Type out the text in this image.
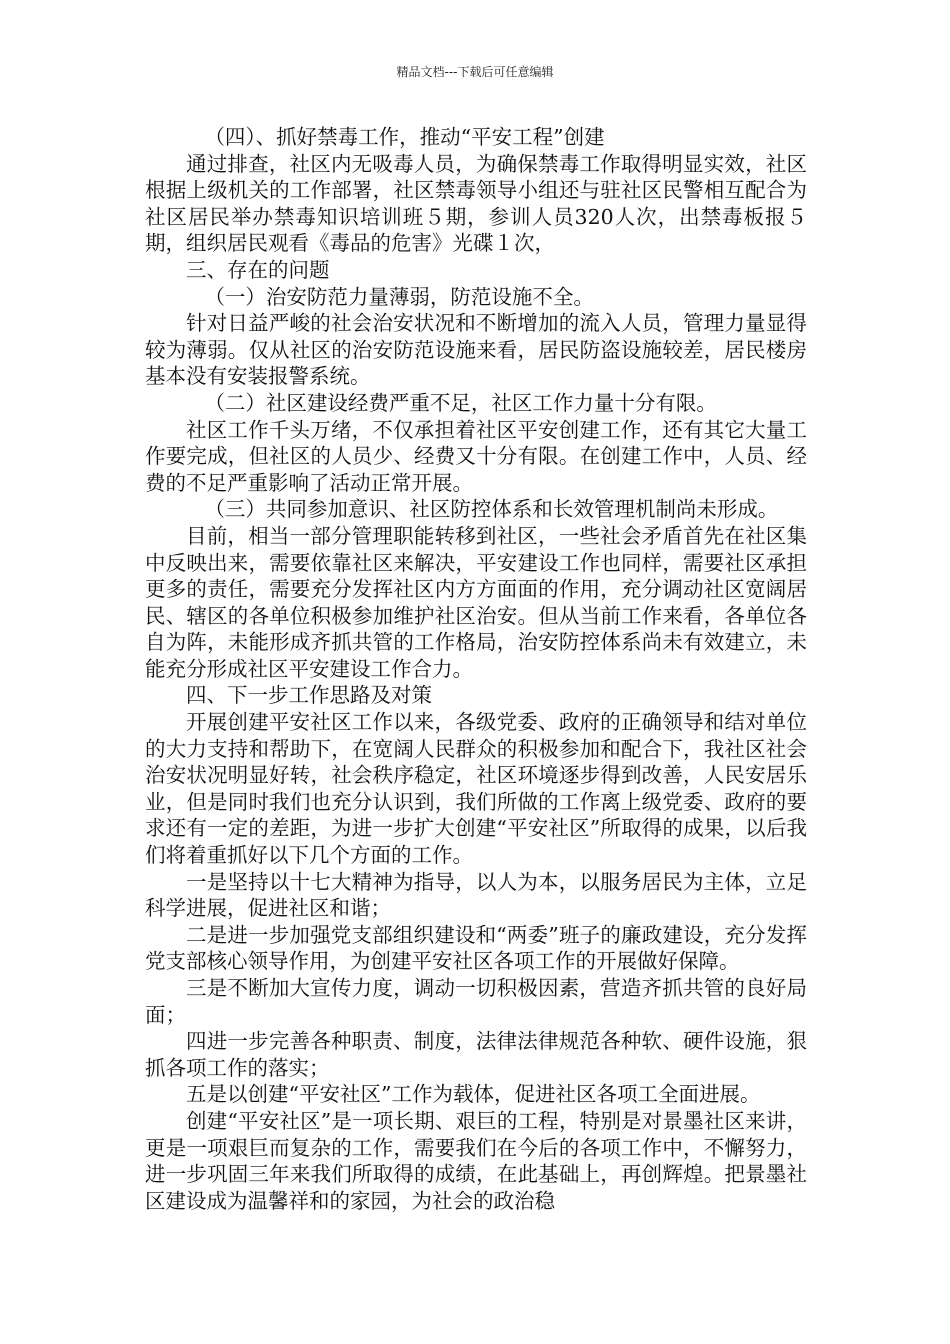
精品文档---下载后可任意编辑

（四）、抓好禁毒工作，推动“平安工程”创建

通过排查，社区内无吸毒人员，为确保禁毒工作取得明显实效，社区根据上级机关的工作部署，社区禁毒领导小组还与驻社区民警相互配合为社区居民举办禁毒知识培训班５期，参训人员320人次，出禁毒板报５期，组织居民观看《毒品的危害》光碟１次，

三、存在的问题

（一）治安防范力量薄弱，防范设施不全。

针对日益严峻的社会治安状况和不断增加的流入人员，管理力量显得较为薄弱。仅从社区的治安防范设施来看，居民防盗设施较差，居民楼房基本没有安装报警系统。

（二）社区建设经费严重不足，社区工作力量十分有限。

社区工作千头万绪，不仅承担着社区平安创建工作，还有其它大量工作要完成，但社区的人员少、经费又十分有限。在创建工作中，人员、经费的不足严重影响了活动正常开展。

（三）共同参加意识、社区防控体系和长效管理机制尚未形成。

目前，相当一部分管理职能转移到社区，一些社会矛盾首先在社区集中反映出来，需要依靠社区来解决，平安建设工作也同样，需要社区承担更多的责任，需要充分发挥社区内方方面面的作用，充分调动社区宽阔居民、辖区的各单位积极参加维护社区治安。但从当前工作来看，各单位各自为阵，未能形成齐抓共管的工作格局，治安防控体系尚未有效建立，未能充分形成社区平安建设工作合力。

四、下一步工作思路及对策

开展创建平安社区工作以来，各级党委、政府的正确领导和结对单位的大力支持和帮助下，在宽阔人民群众的积极参加和配合下，我社区社会治安状况明显好转，社会秩序稳定，社区环境逐步得到改善，人民安居乐业，但是同时我们也充分认识到，我们所做的工作离上级党委、政府的要求还有一定的差距，为进一步扩大创建“平安社区”所取得的成果，以后我们将着重抓好以下几个方面的工作。

一是坚持以十七大精神为指导，以人为本，以服务居民为主体，立足科学进展，促进社区和谐；

二是进一步加强党支部组织建设和“两委”班子的廉政建设，充分发挥党支部核心领导作用，为创建平安社区各项工作的开展做好保障。

三是不断加大宣传力度，调动一切积极因素，营造齐抓共管的良好局面；

四进一步完善各种职责、制度，法律法律规范各种软、硬件设施，狠抓各项工作的落实；

五是以创建“平安社区”工作为载体，促进社区各项工全面进展。

创建“平安社区”是一项长期、艰巨的工程，特别是对景墨社区来讲，更是一项艰巨而复杂的工作，需要我们在今后的各项工作中，不懈努力，进一步巩固三年来我们所取得的成绩，在此基础上，再创辉煌。把景墨社区建设成为温馨祥和的家园，为社会的政治稳
